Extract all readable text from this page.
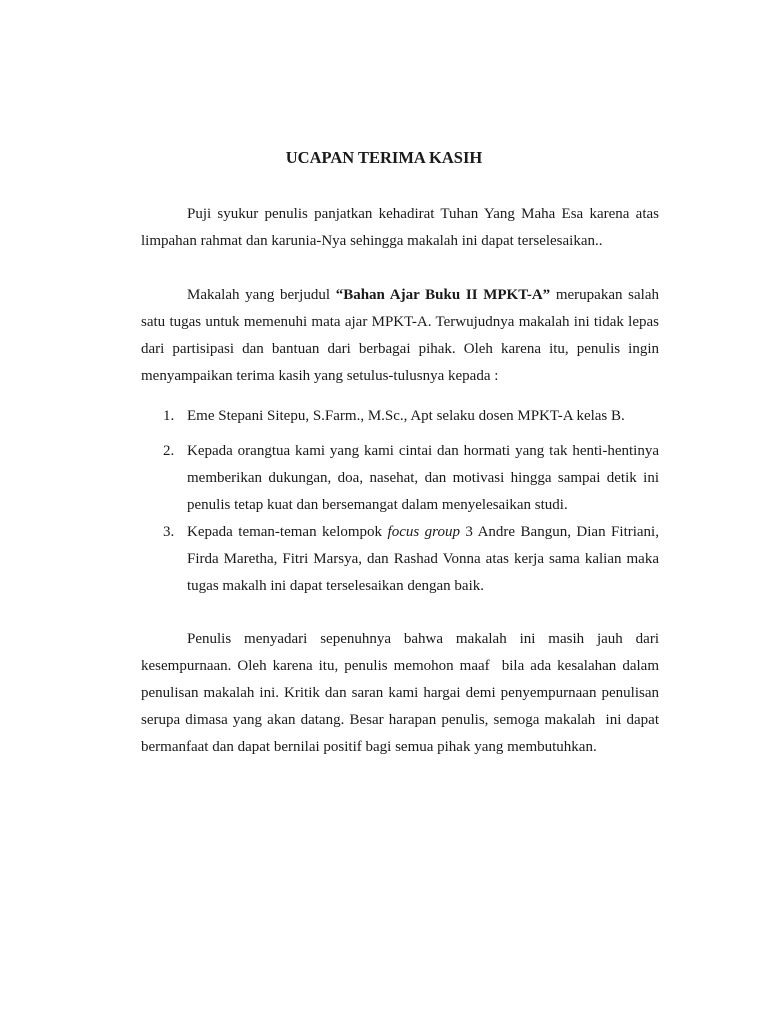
UCAPAN TERIMA KASIH
Puji syukur penulis panjatkan kehadirat Tuhan Yang Maha Esa karena atas
limpahan rahmat dan karunia-Nya sehingga makalah ini dapat terselesaikan..
Makalah yang berjudul “Bahan Ajar Buku II MPKT-A” merupakan salah
satu tugas untuk memenuhi mata ajar MPKT-A. Terwujudnya makalah ini tidak lepas
dari partisipasi dan bantuan dari berbagai pihak. Oleh karena itu, penulis ingin
menyampaikan terima kasih yang setulus-tulusnya kepada :
1. Eme Stepani Sitepu, S.Farm., M.Sc., Apt selaku dosen MPKT-A kelas B.
2. Kepada orangtua kami yang kami cintai dan hormati yang tak henti-hentinya
memberikan dukungan, doa, nasehat, dan motivasi hingga sampai detik ini
penulis tetap kuat dan bersemangat dalam menyelesaikan studi.
3. Kepada teman-teman kelompok focus group 3 Andre Bangun, Dian Fitriani,
Firda Maretha, Fitri Marsya, dan Rashad Vonna atas kerja sama kalian maka
tugas makalh ini dapat terselesaikan dengan baik.
Penulis menyadari sepenuhnya bahwa makalah ini masih jauh dari
kesempurnaan. Oleh karena itu, penulis memohon maaf  bila ada kesalahan dalam
penulisan makalah ini. Kritik dan saran kami hargai demi penyempurnaan penulisan
serupa dimasa yang akan datang. Besar harapan penulis, semoga makalah  ini dapat
bermanfaat dan dapat bernilai positif bagi semua pihak yang membutuhkan.
